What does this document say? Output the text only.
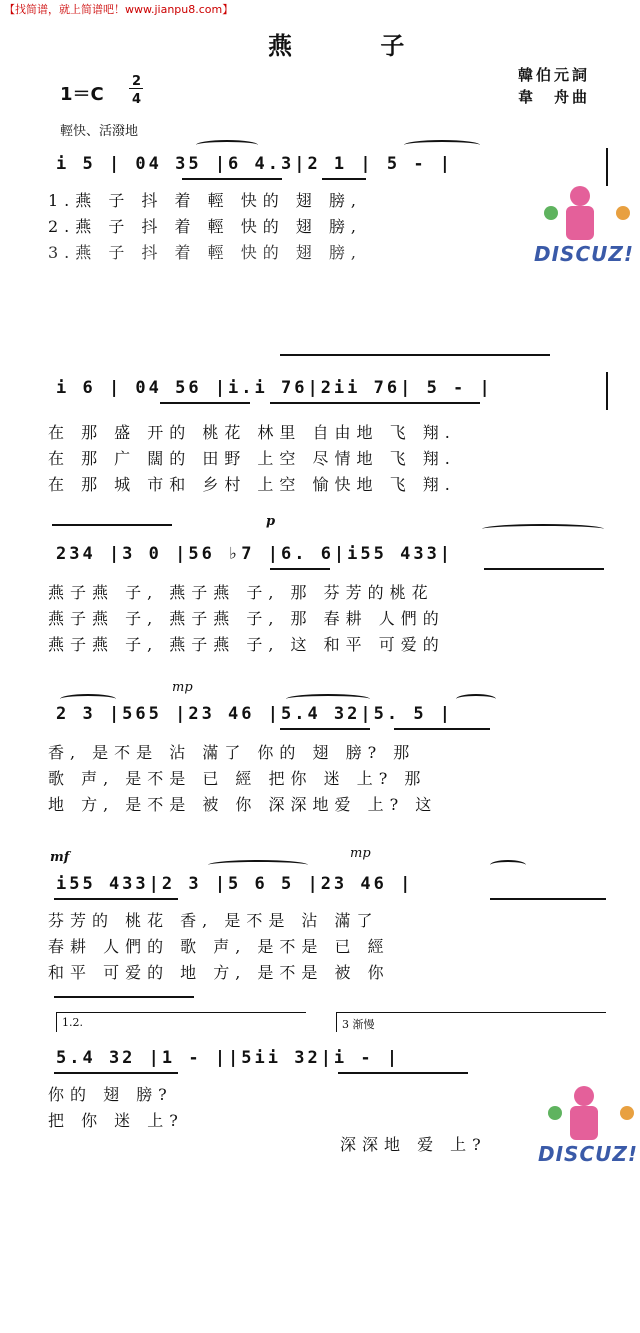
【找简谱，就上简谱吧！www.jianpu8.com】
燕 子
韓伯元詞
韋　舟曲
1＝C
2
4
輕快、活潑地
i 5 | 04 35 |6 4.3|2 1 | 5 - |
1.燕 子 抖 着 輕 快的 翅 膀,
2.燕 子 抖 着 輕 快的 翅 膀,
3.燕 子 抖 着 輕 快的 翅 膀,
i 6 | 04 56 |i.i 76|2ii 76| 5 - |
在 那 盛 开的 桃花 林里 自由地 飞 翔.
在 那 广 闊的 田野 上空 尽情地 飞 翔.
在 那 城 市和 乡村 上空 愉快地 飞 翔.
p
234 |3 0 |56 ♭7 |6. 6|i55 433|
燕子燕 子, 燕子燕 子, 那 芬芳的桃花
燕子燕 子, 燕子燕 子, 那 春耕 人們的
燕子燕 子, 燕子燕 子, 这 和平 可爱的
mp
2 3 |565 |23 46 |5.4 32|5. 5 |
香, 是不是 沾 滿了 你的 翅 膀? 那
歌 声, 是不是 已 經 把你 迷 上? 那
地 方, 是不是 被 你 深深地爱 上? 这
mf	mp
i55 433|2 3 |5 6 5 |23 46 |
芬芳的 桃花 香, 是不是 沾 滿了
春耕 人們的 歌 声, 是不是 已 經
和平 可爱的 地 方, 是不是 被 你
1.2.	3 渐慢
5.4 32 |1 - ||5ii 32|i - |
你的 翅 膀?
把 你 迷 上?
深深地 爱 上?
DISCUZ!
DISCUZ!
